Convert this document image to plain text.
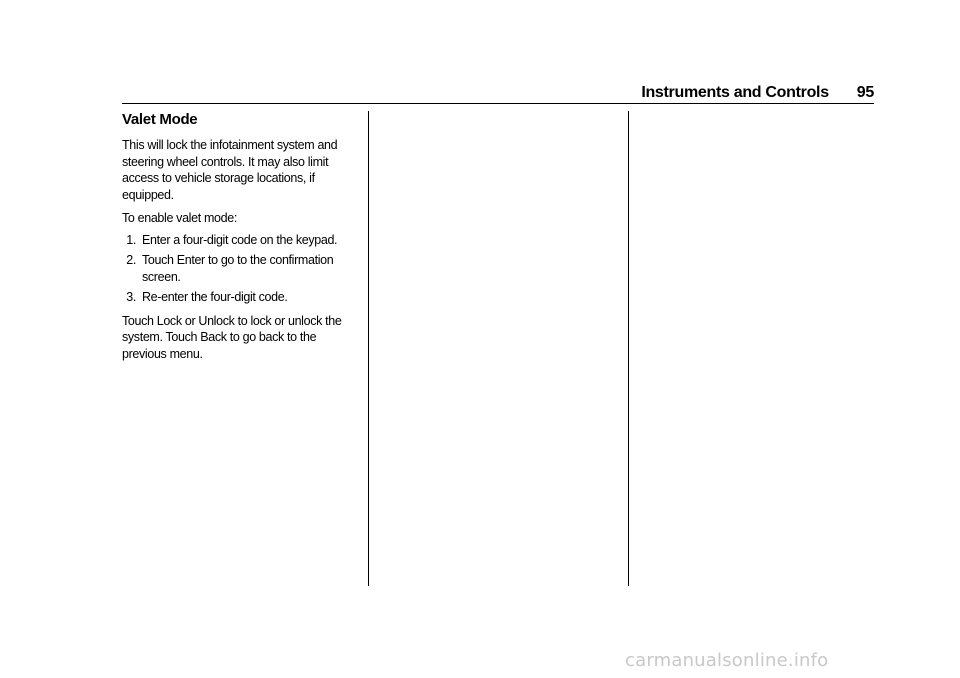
Instruments and Controls 95
Valet Mode

This will lock the infotainment system and steering wheel controls. It may also limit access to vehicle storage locations, if equipped.

To enable valet mode:

1. Enter a four-digit code on the keypad.
2. Touch Enter to go to the confirmation screen.
3. Re-enter the four-digit code.

Touch Lock or Unlock to lock or unlock the system. Touch Back to go back to the previous menu.

carmanualsonline.info
